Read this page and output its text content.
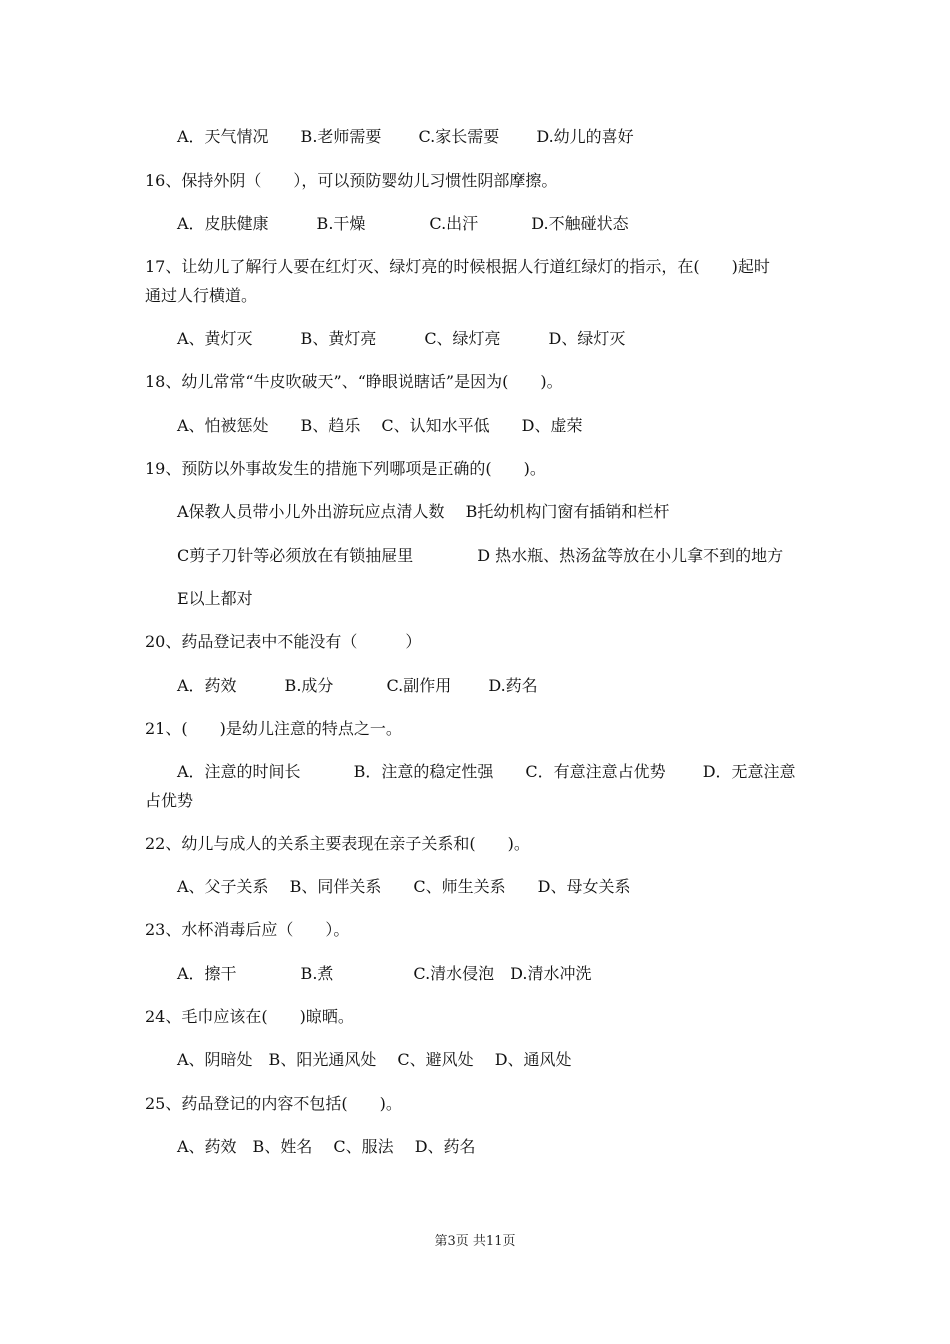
A．天气情况　　B.老师需要　　 C.家长需要　　 D.幼儿的喜好
16、保持外阴（　　），可以预防婴幼儿习惯性阴部摩擦。
A．皮肤健康　　　B.干燥　　　　C.出汗　　　 D.不触碰状态
17、让幼儿了解行人要在红灯灭、绿灯亮的时候根据人行道红绿灯的指示，在(　　)起时
通过人行横道。
A、黄灯灭　　　B、黄灯亮　　　C、绿灯亮　　　D、绿灯灭
18、幼儿常常“牛皮吹破天”、“睁眼说瞎话”是因为(　　)。
A、怕被惩处　　B、趋乐　 C、认知水平低　　D、虚荣
19、预防以外事故发生的措施下列哪项是正确的(　　)。
A保教人员带小儿外出游玩应点清人数　 B托幼机构门窗有插销和栏杆
C剪子刀针等必须放在有锁抽屉里　　　　D 热水瓶、热汤盆等放在小儿拿不到的地方
E以上都对
20、药品登记表中不能没有（　　　）
A．药效　　　B.成分　　　 C.副作用　　 D.药名
21、(　　)是幼儿注意的特点之一。
A．注意的时间长　　　 B．注意的稳定性强　　C．有意注意占优势　　 D．无意注意
占优势
22、幼儿与成人的关系主要表现在亲子关系和(　　)。
A、父子关系　 B、同伴关系　　C、师生关系　　D、母女关系
23、水杯消毒后应（　　）。
A．擦干　　　　B.煮　　　　　C.清水侵泡　D.清水冲洗
24、毛巾应该在(　　)晾晒。
A、阴暗处　B、阳光通风处　 C、避风处　 D、通风处
25、药品登记的内容不包括(　　)。
A、药效　B、姓名　 C、服法　 D、药名
第3页 共11页
